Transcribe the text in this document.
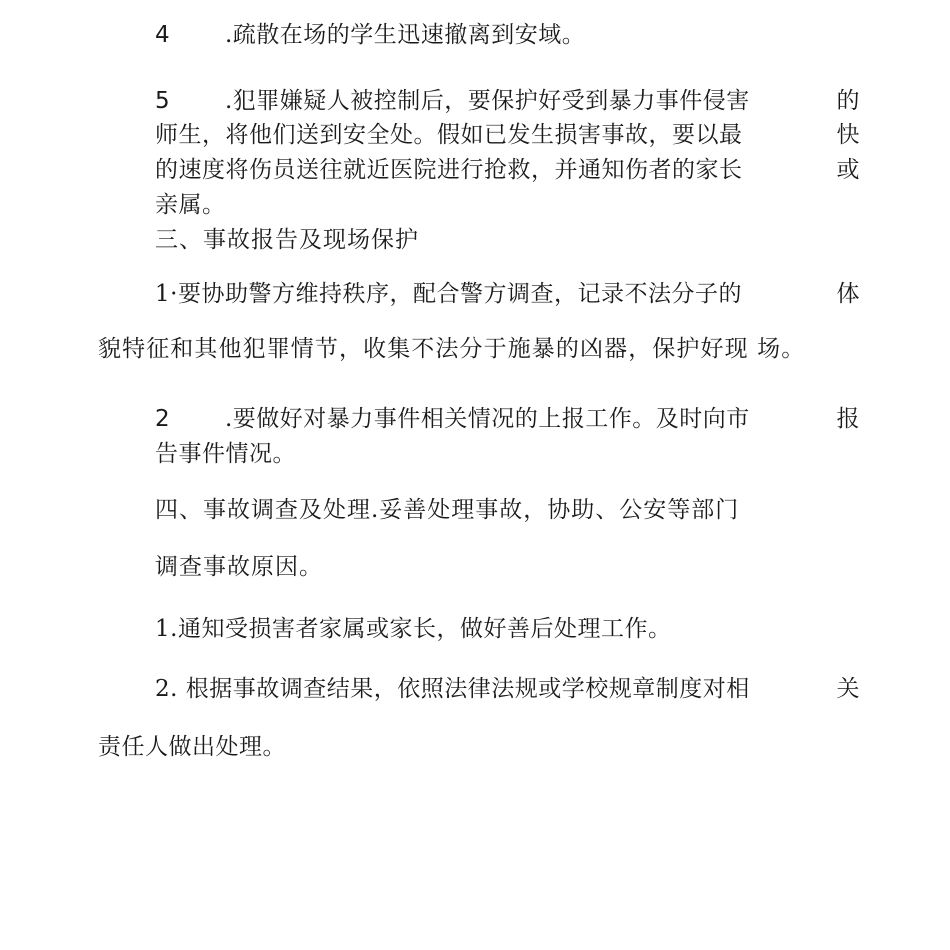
4 .疏散在场的学生迅速撤离到安域。
5 .犯罪嫌疑人被控制后，要保护好受到暴力事件侵害	的
师生，将他们送到安全处。假如已发生损害事故，要以最	快
的速度将伤员送往就近医院进行抢救，并通知伤者的家长	或
亲属。
三、事故报告及现场保护
1·要协助警方维持秩序，配合警方调查，记录不法分子的	体
貌特征和其他犯罪情节，收集不法分于施暴的凶器，保护好现 场。
2 .要做好对暴力事件相关情况的上报工作。及时向市	报
告事件情况。
四、事故调查及处理.妥善处理事故，协助、公安等部门
调查事故原因。
1.通知受损害者家属或家长，做好善后处理工作。
2. 根据事故调查结果，依照法律法规或学校规章制度对相	关
责任人做出处理。
